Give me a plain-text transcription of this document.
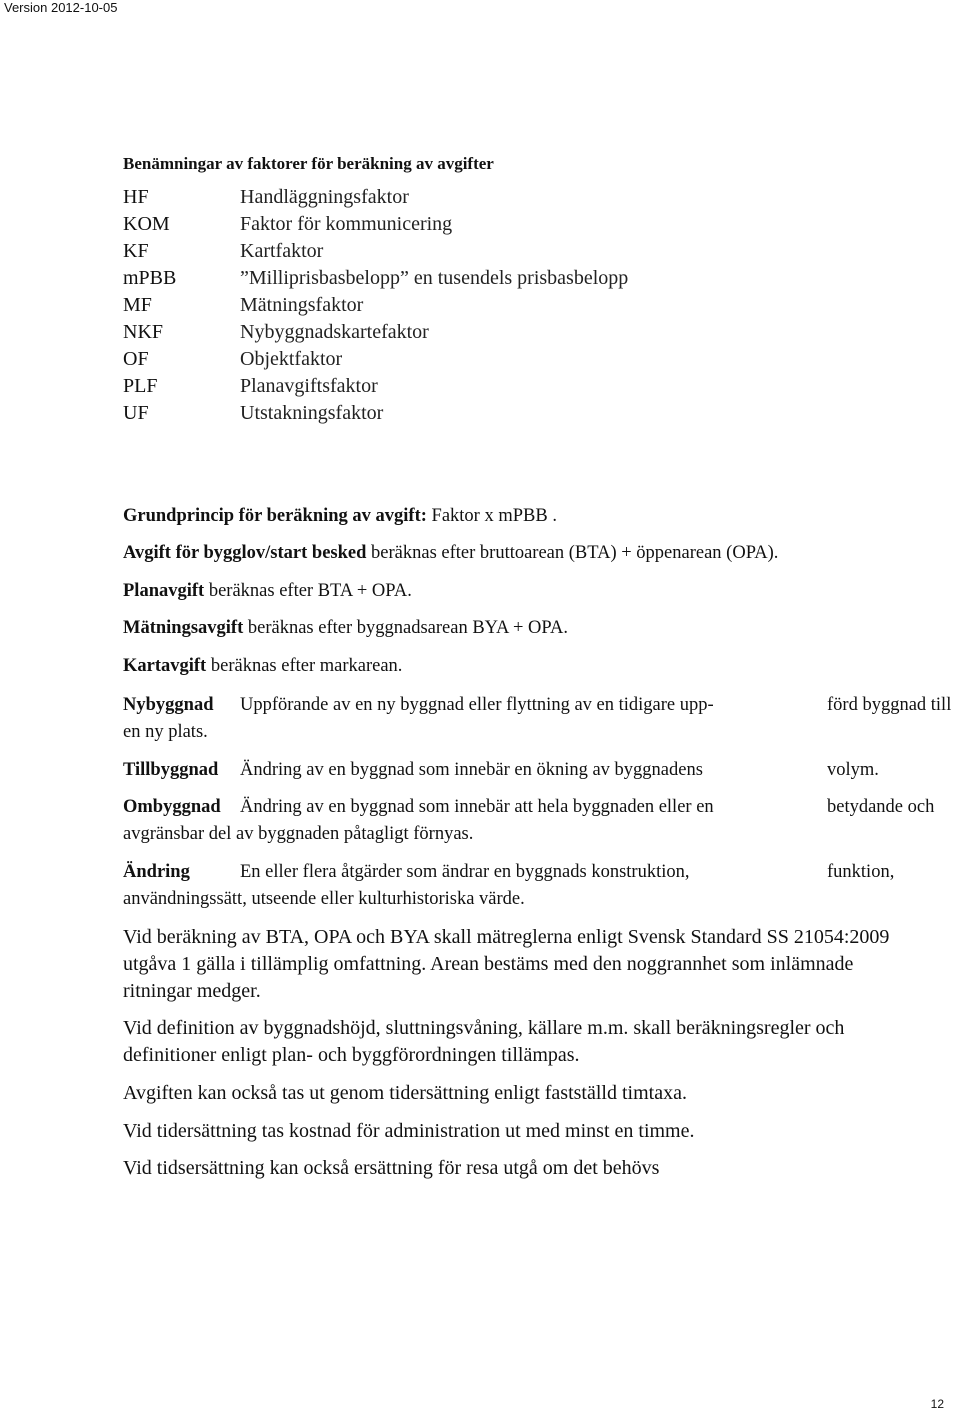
Version 2012-10-05
Benämningar av faktorer för beräkning av avgifter
HF	Handläggningsfaktor
KOM	Faktor för kommunicering
KF	Kartfaktor
mPBB	”Milliprisbasbelopp” en tusendels prisbasbelopp
MF	Mätningsfaktor
NKF	Nybyggnadskartefaktor
OF	Objektfaktor
PLF	Planavgiftsfaktor
UF	Utstakningsfaktor
Grundprincip för beräkning av avgift: Faktor x mPBB .
Avgift för bygglov/start besked beräknas efter bruttoarean (BTA) + öppenarean (OPA).
Planavgift beräknas efter BTA + OPA.
Mätningsavgift beräknas efter byggnadsarean BYA + OPA.
Kartavgift beräknas efter markarean.
Nybyggnad Uppförande av en ny byggnad eller flyttning av en tidigare upp-	förd byggnad till
en ny plats.
Tillbyggnad Ändring av en byggnad som innebär en ökning av byggnadens	volym.
Ombyggnad Ändring av en byggnad som innebär att hela byggnaden eller en	betydande och
avgränsbar del av byggnaden påtagligt förnyas.
Ändring	En eller flera åtgärder som ändrar en byggnads konstruktion,	funktion,
användningssätt, utseende eller kulturhistoriska värde.
Vid beräkning av BTA, OPA och BYA skall mätreglerna enligt Svensk Standard SS 21054:2009
utgåva 1 gälla i tillämplig omfattning. Arean bestäms med den noggrannhet som inlämnade
ritningar medger.
Vid definition av byggnadshöjd, sluttningsvåning, källare m.m. skall beräkningsregler och
definitioner enligt plan- och byggförordningen tillämpas.
Avgiften kan också tas ut genom tidersättning enligt fastställd timtaxa.
Vid tidersättning tas kostnad för administration ut med minst en timme.
Vid tidsersättning kan också ersättning för resa utgå om det behövs
12
